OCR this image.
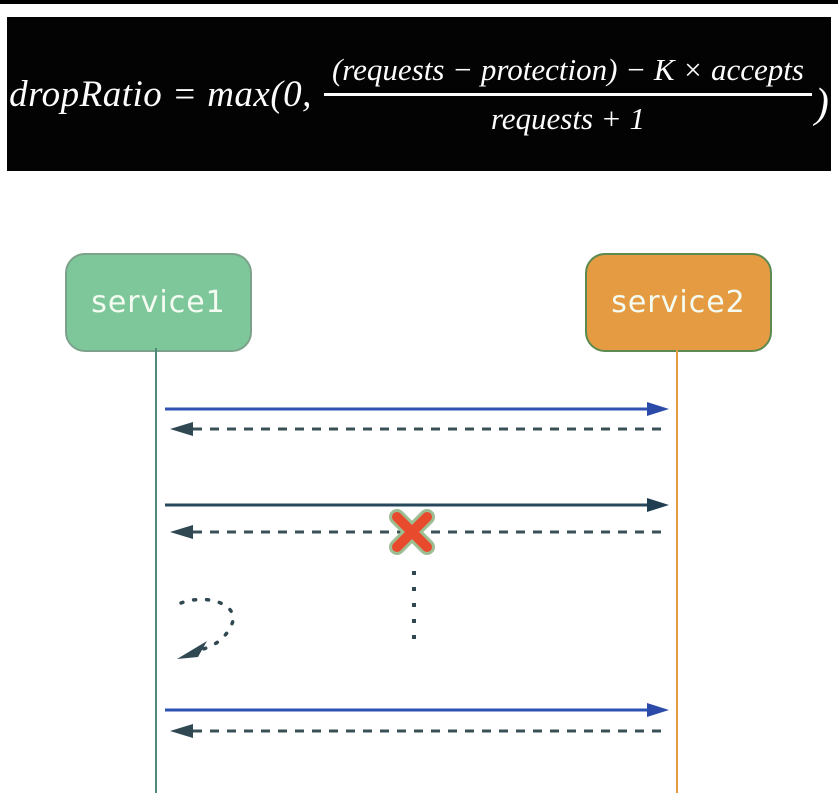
dropRatio = max(0, $\frac{\text{(requests − protection) − K × accepts}}{\text{requests + 1}}$ )
service1	service2
